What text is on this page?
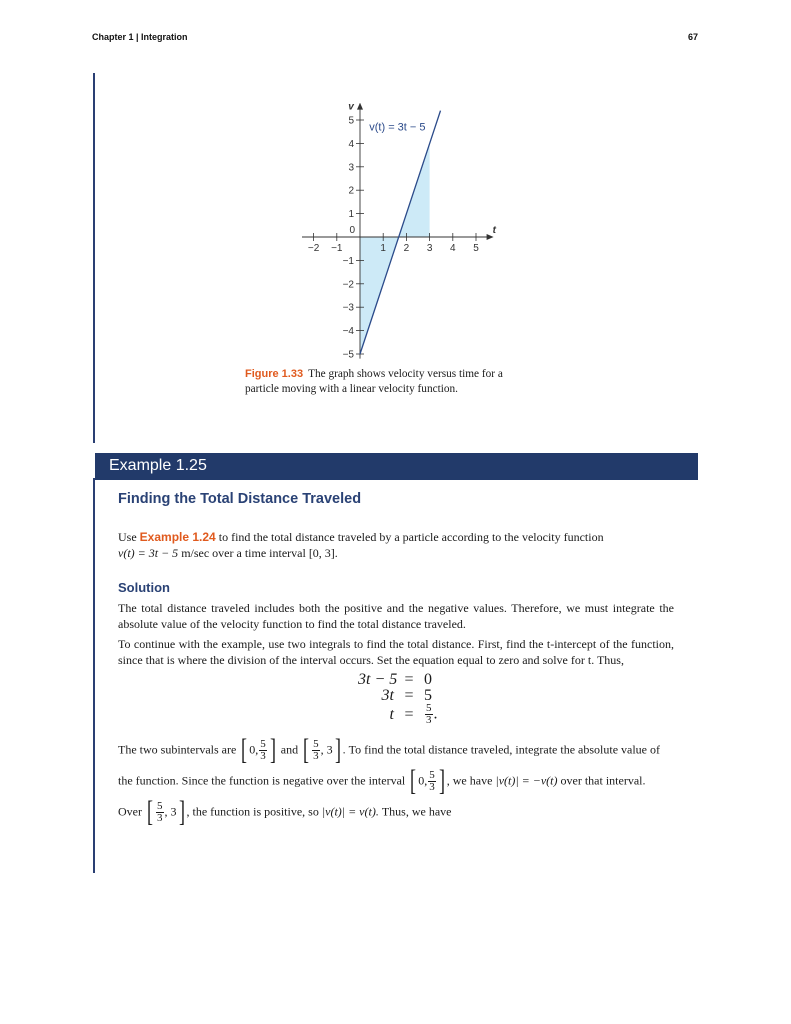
Chapter 1 | Integration	67
−2 −1	1 2 3 4 5
−5
−4
−3
−2
−1
1
2
3
4
5
0	t
v
v(t) = 3t − 5
Figure 1.33 The graph shows velocity versus time for a
particle moving with a linear velocity function.
Example 1.25
Finding the Total Distance Traveled
Use Example 1.24 to find the total distance traveled by a particle according to the velocity function
v(t) = 3t − 5 m/sec over a time interval [0, 3].
Solution
The total distance traveled includes both the positive and the negative values. Therefore, we must integrate the absolute value of the velocity function to find the total distance traveled.
To continue with the example, use two integrals to find the total distance. First, find the t-intercept of the function, since that is where the division of the interval occurs. Set the equation equal to zero and solve for t. Thus,
3t − 5 = 0
3t = 5
$t = \frac{5}{3}$ .
The two subintervals are [ 0, $\frac{5}{3}$ ] and [ $\frac{5}{3}$ , 3] . To find the total distance traveled, integrate the absolute value of
the function. Since the function is negative over the interval [ 0, $\frac{5}{3}$ ] , we have |v(t)| = −v(t) over that interval.
Over [ $\frac{5}{3}$ , 3] , the function is positive, so |v(t)| = v(t). Thus, we have
